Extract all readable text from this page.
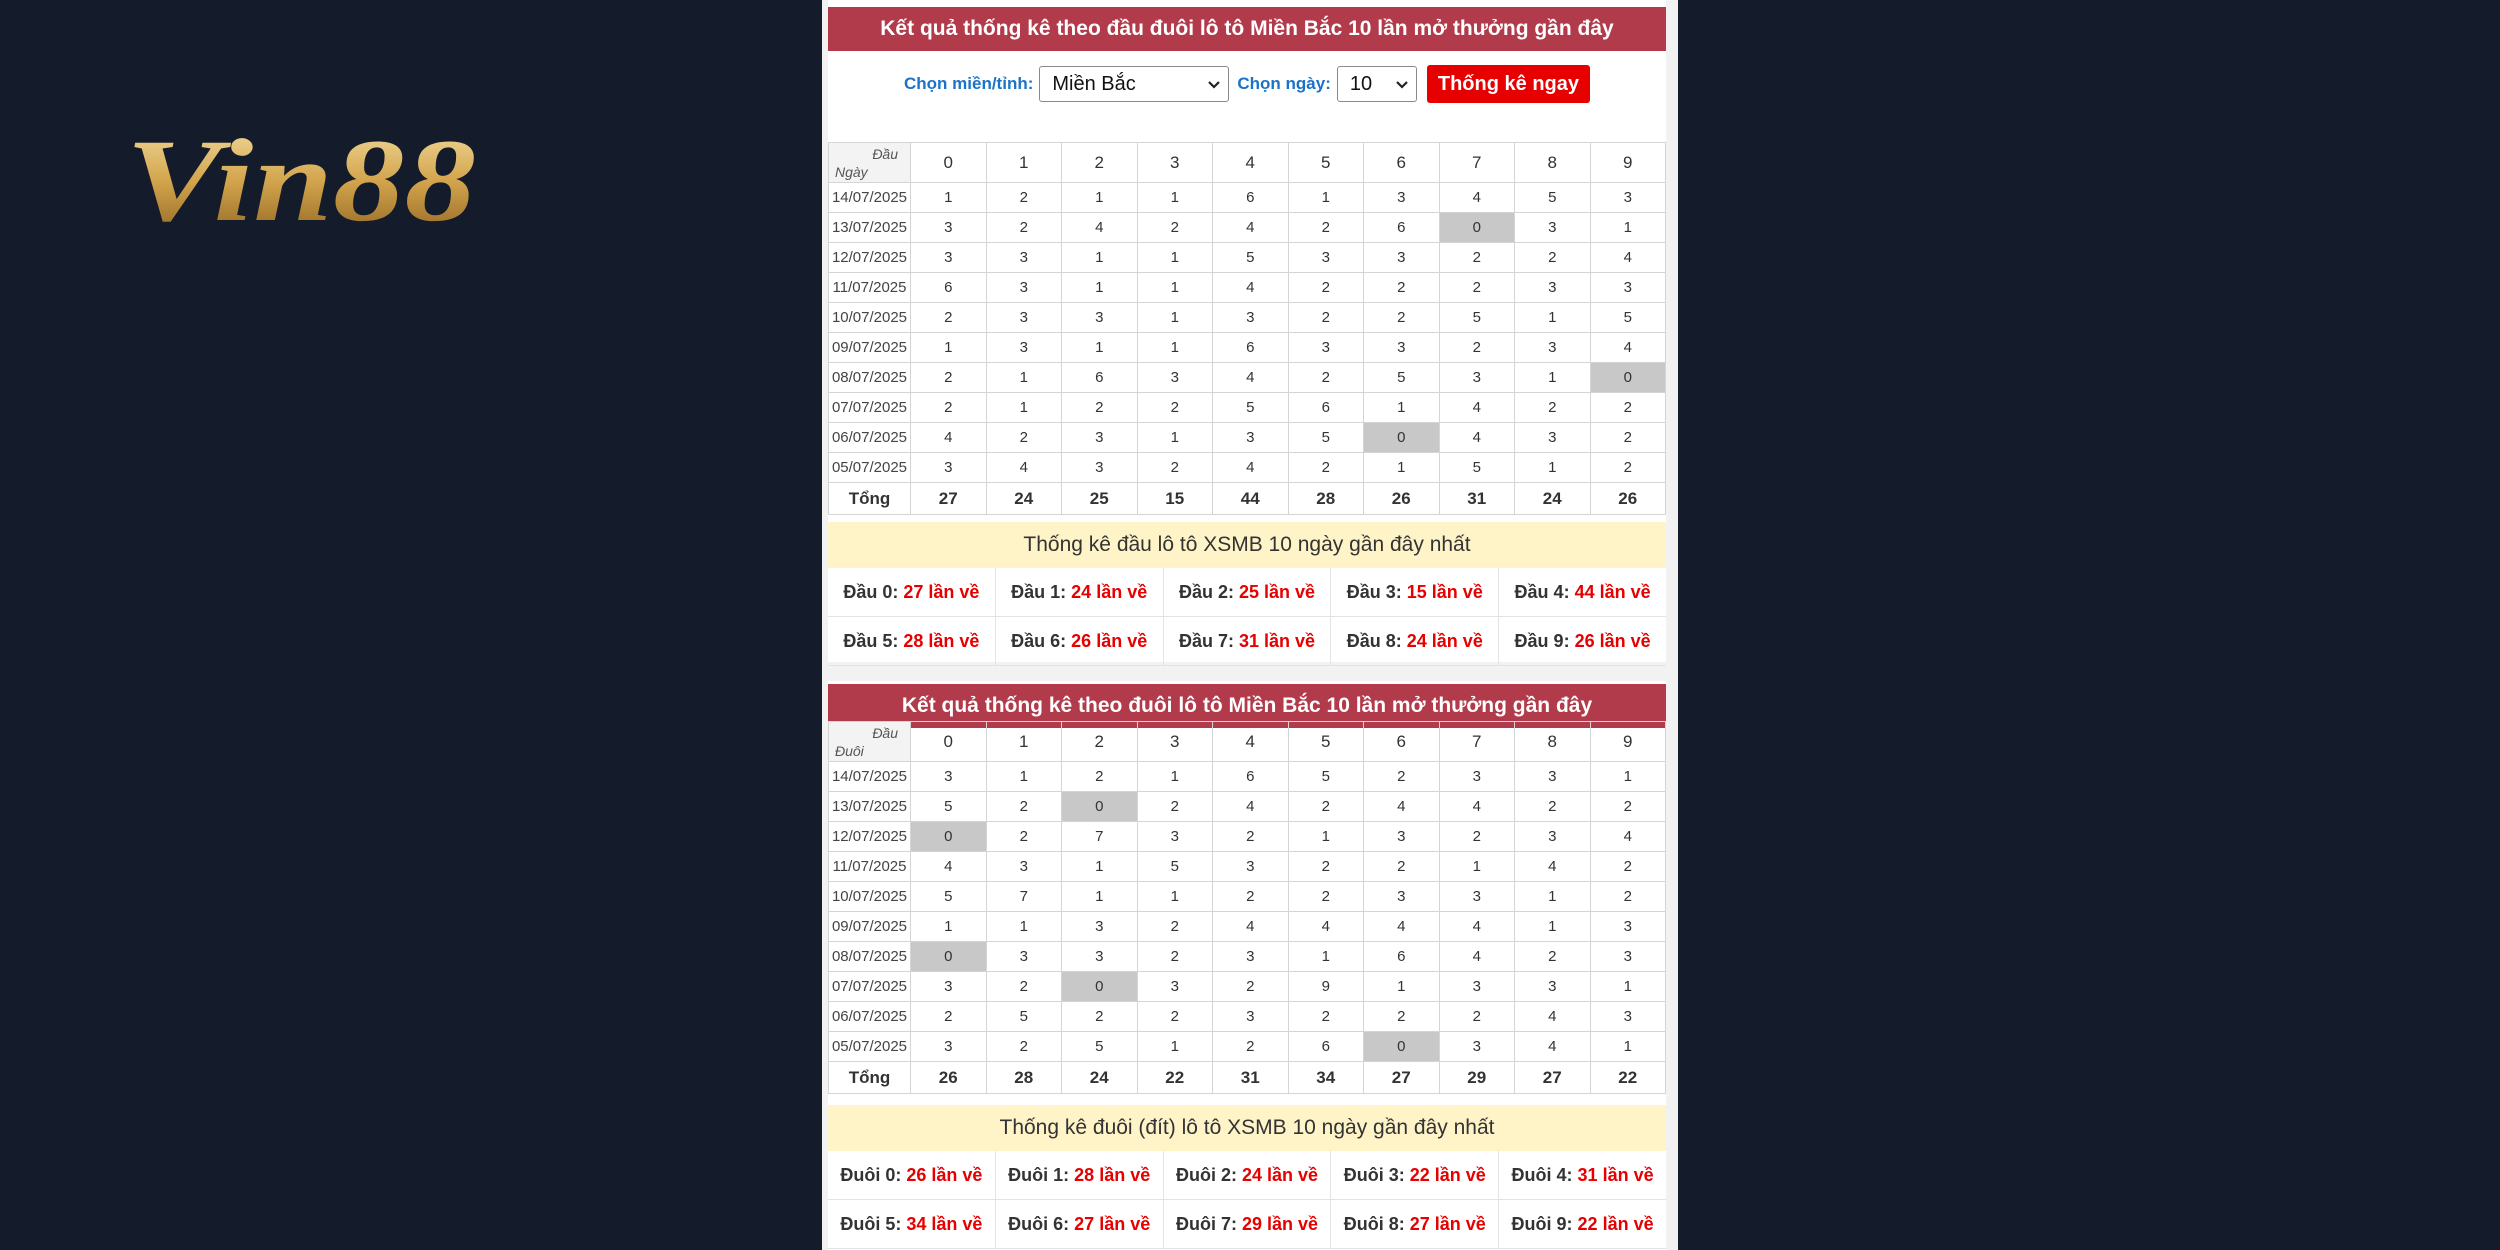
Vin88
Kết quả thống kê theo đầu đuôi lô tô Miền Bắc 10 lần mở thưởng gần đây
Chọn miền/tỉnh: Miền Bắc	Chọn ngày: 10	Thống kê ngay
Đầu
Ngày	0	1	2	3	4	5	6	7	8	9
14/07/2025	1	2	1	1	6	1	3	4	5	3
13/07/2025	3	2	4	2	4	2	6	0	3	1
12/07/2025	3	3	1	1	5	3	3	2	2	4
11/07/2025	6	3	1	1	4	2	2	2	3	3
10/07/2025	2	3	3	1	3	2	2	5	1	5
09/07/2025	1	3	1	1	6	3	3	2	3	4
08/07/2025	2	1	6	3	4	2	5	3	1	0
07/07/2025	2	1	2	2	5	6	1	4	2	2
06/07/2025	4	2	3	1	3	5	0	4	3	2
05/07/2025	3	4	3	2	4	2	1	5	1	2
Tổng	27	24	25	15	44	28	26	31	24	26
Thống kê đầu lô tô XSMB 10 ngày gần đây nhất
Đầu 0: 27 lần về Đầu 1: 24 lần về Đầu 2: 25 lần về Đầu 3: 15 lần về Đầu 4: 44 lần về
Đầu 5: 28 lần về Đầu 6: 26 lần về Đầu 7: 31 lần về Đầu 8: 24 lần về Đầu 9: 26 lần về
Kết quả thống kê theo đuôi lô tô Miền Bắc 10 lần mở thưởng gần đây
Đầu
Đuôi	0	1	2	3	4	5	6	7	8	9
14/07/2025	3	1	2	1	6	5	2	3	3	1
13/07/2025	5	2	0	2	4	2	4	4	2	2
12/07/2025	0	2	7	3	2	1	3	2	3	4
11/07/2025	4	3	1	5	3	2	2	1	4	2
10/07/2025	5	7	1	1	2	2	3	3	1	2
09/07/2025	1	1	3	2	4	4	4	4	1	3
08/07/2025	0	3	3	2	3	1	6	4	2	3
07/07/2025	3	2	0	3	2	9	1	3	3	1
06/07/2025	2	5	2	2	3	2	2	2	4	3
05/07/2025	3	2	5	1	2	6	0	3	4	1
Tổng	26	28	24	22	31	34	27	29	27	22
Thống kê đuôi (đít) lô tô XSMB 10 ngày gần đây nhất
Đuôi 0: 26 lần về Đuôi 1: 28 lần về Đuôi 2: 24 lần về Đuôi 3: 22 lần về Đuôi 4: 31 lần về
Đuôi 5: 34 lần về Đuôi 6: 27 lần về Đuôi 7: 29 lần về Đuôi 8: 27 lần về Đuôi 9: 22 lần về
